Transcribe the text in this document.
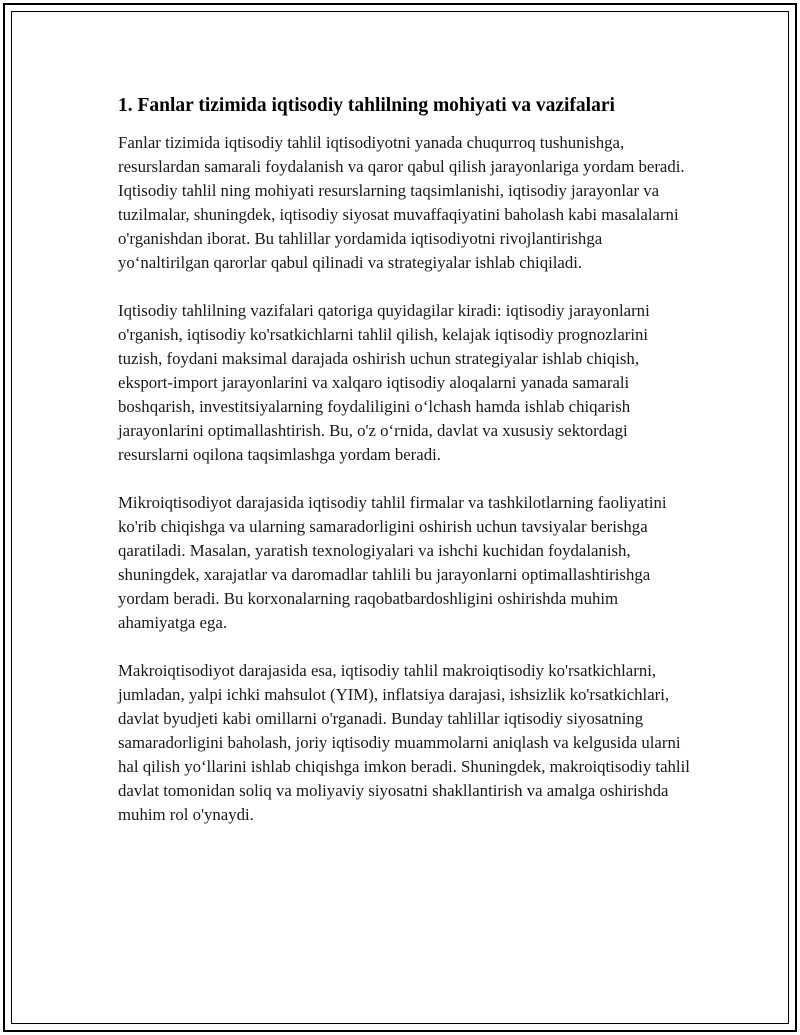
1. Fanlar tizimida iqtisodiy tahlilning mohiyati va vazifalari

Fanlar tizimida iqtisodiy tahlil iqtisodiyotni yanada chuqurroq tushunishga, resurslardan samarali foydalanish va qaror qabul qilish jarayonlariga yordam beradi. Iqtisodiy tahlil ning mohiyati resurslarning taqsimlanishi, iqtisodiy jarayonlar va tuzilmalar, shuningdek, iqtisodiy siyosat muvaffaqiyatini baholash kabi masalalarni o'rganishdan iborat. Bu tahlillar yordamida iqtisodiyotni rivojlantirishga yo‘naltirilgan qarorlar qabul qilinadi va strategiyalar ishlab chiqiladi.

Iqtisodiy tahlilning vazifalari qatoriga quyidagilar kiradi: iqtisodiy jarayonlarni o'rganish, iqtisodiy ko'rsatkichlarni tahlil qilish, kelajak iqtisodiy prognozlarini tuzish, foydani maksimal darajada oshirish uchun strategiyalar ishlab chiqish, eksport-import jarayonlarini va xalqaro iqtisodiy aloqalarni yanada samarali boshqarish, investitsiyalarning foydaliligini o‘lchash hamda ishlab chiqarish jarayonlarini optimallashtirish. Bu, o'z o‘rnida, davlat va xususiy sektordagi resurslarni oqilona taqsimlashga yordam beradi.

Mikroiqtisodiyot darajasida iqtisodiy tahlil firmalar va tashkilotlarning faoliyatini ko'rib chiqishga va ularning samaradorligini oshirish uchun tavsiyalar berishga qaratiladi. Masalan, yaratish texnologiyalari va ishchi kuchidan foydalanish, shuningdek, xarajatlar va daromadlar tahlili bu jarayonlarni optimallashtirishga yordam beradi. Bu korxonalarning raqobatbardoshligini oshirishda muhim ahamiyatga ega.

Makroiqtisodiyot darajasida esa, iqtisodiy tahlil makroiqtisodiy ko'rsatkichlarni, jumladan, yalpi ichki mahsulot (YIM), inflatsiya darajasi, ishsizlik ko'rsatkichlari, davlat byudjeti kabi omillarni o'rganadi. Bunday tahlillar iqtisodiy siyosatning samaradorligini baholash, joriy iqtisodiy muammolarni aniqlash va kelgusida ularni hal qilish yo‘llarini ishlab chiqishga imkon beradi. Shuningdek, makroiqtisodiy tahlil davlat tomonidan soliq va moliyaviy siyosatni shakllantirish va amalga oshirishda muhim rol o'ynaydi.
